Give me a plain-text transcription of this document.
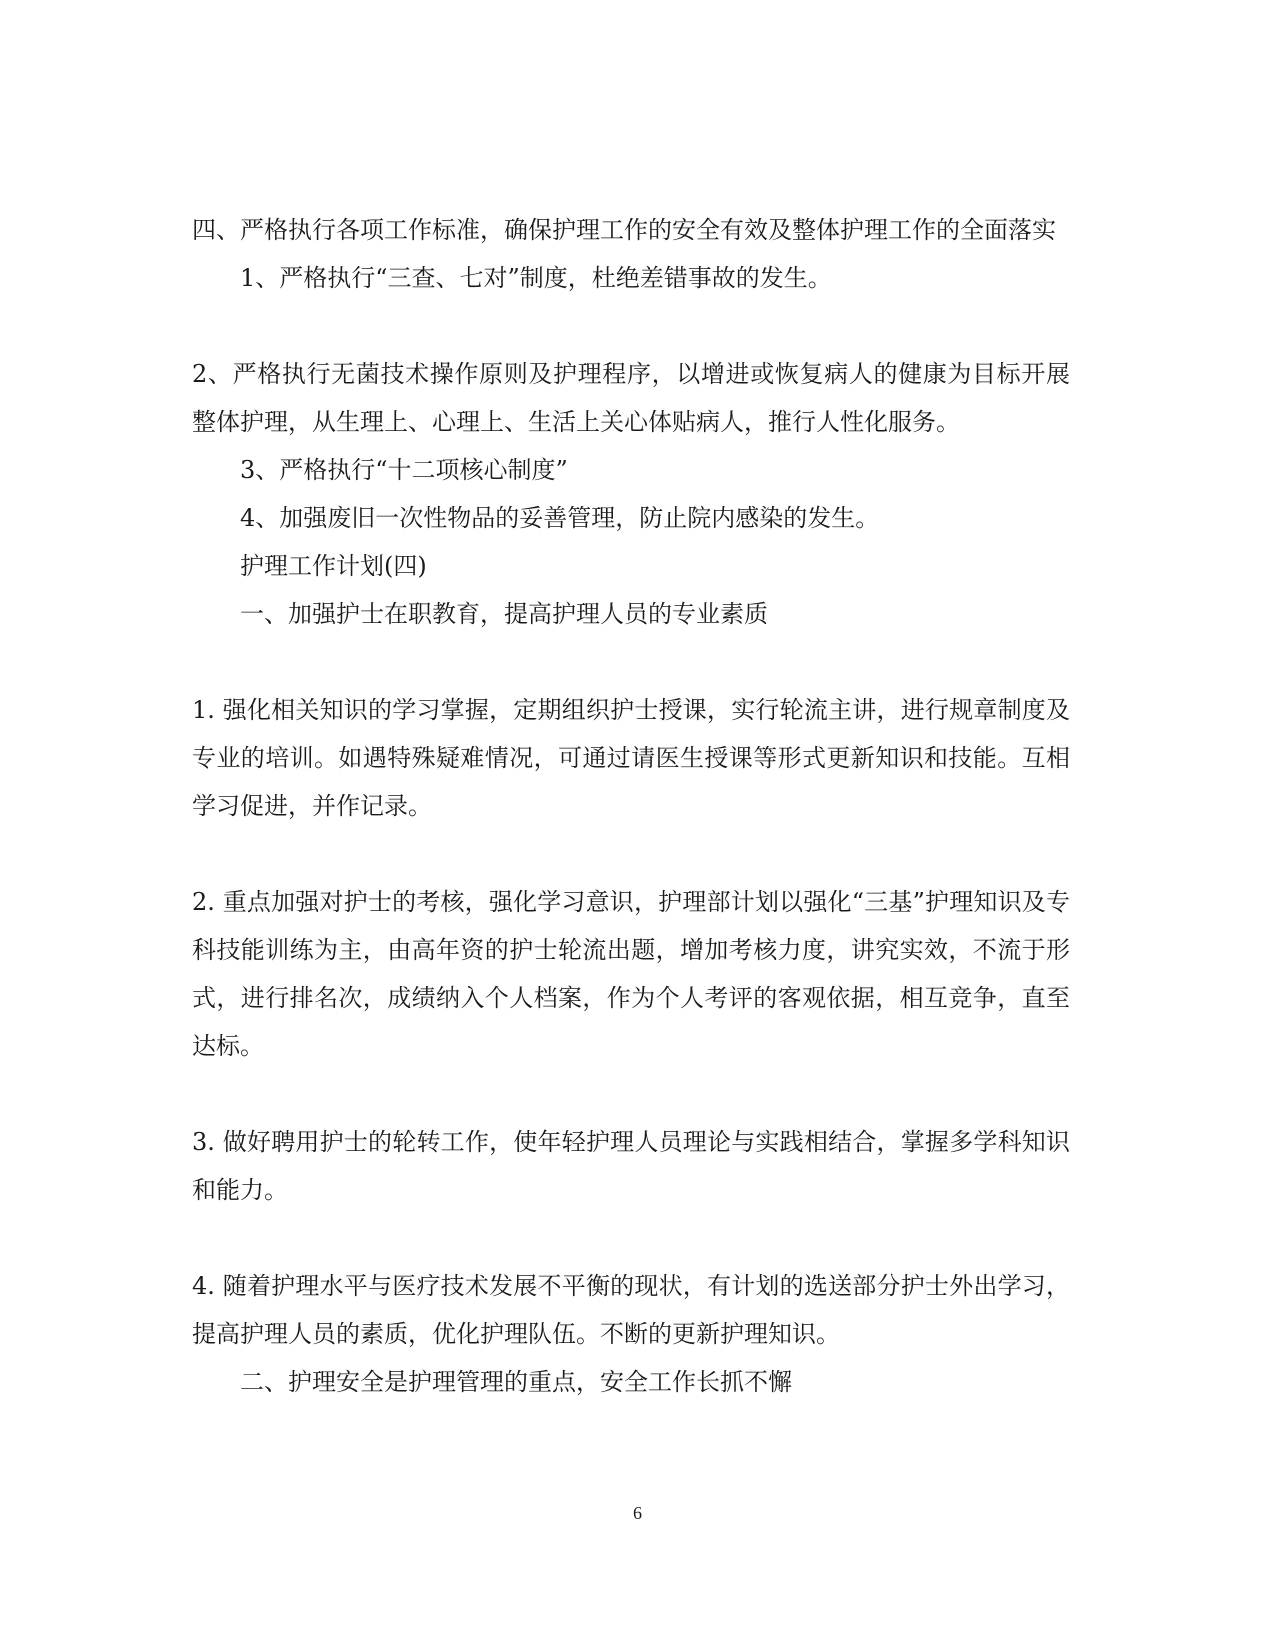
四、严格执行各项工作标准，确保护理工作的安全有效及整体护理工作的全面落实

1、严格执行“三查、七对”制度，杜绝差错事故的发生。

2、严格执行无菌技术操作原则及护理程序，以增进或恢复病人的健康为目标开展整体护理，从生理上、心理上、生活上关心体贴病人，推行人性化服务。

3、严格执行“十二项核心制度”

4、加强废旧一次性物品的妥善管理，防止院内感染的发生。

护理工作计划(四)

一、加强护士在职教育，提高护理人员的专业素质

1. 强化相关知识的学习掌握，定期组织护士授课，实行轮流主讲，进行规章制度及专业的培训。如遇特殊疑难情况，可通过请医生授课等形式更新知识和技能。互相学习促进，并作记录。

2. 重点加强对护士的考核，强化学习意识，护理部计划以强化“三基”护理知识及专科技能训练为主，由高年资的护士轮流出题，增加考核力度，讲究实效，不流于形式，进行排名次，成绩纳入个人档案，作为个人考评的客观依据，相互竞争，直至达标。

3. 做好聘用护士的轮转工作，使年轻护理人员理论与实践相结合，掌握多学科知识和能力。

4. 随着护理水平与医疗技术发展不平衡的现状，有计划的选送部分护士外出学习，提高护理人员的素质，优化护理队伍。不断的更新护理知识。

二、护理安全是护理管理的重点，安全工作长抓不懈

6
